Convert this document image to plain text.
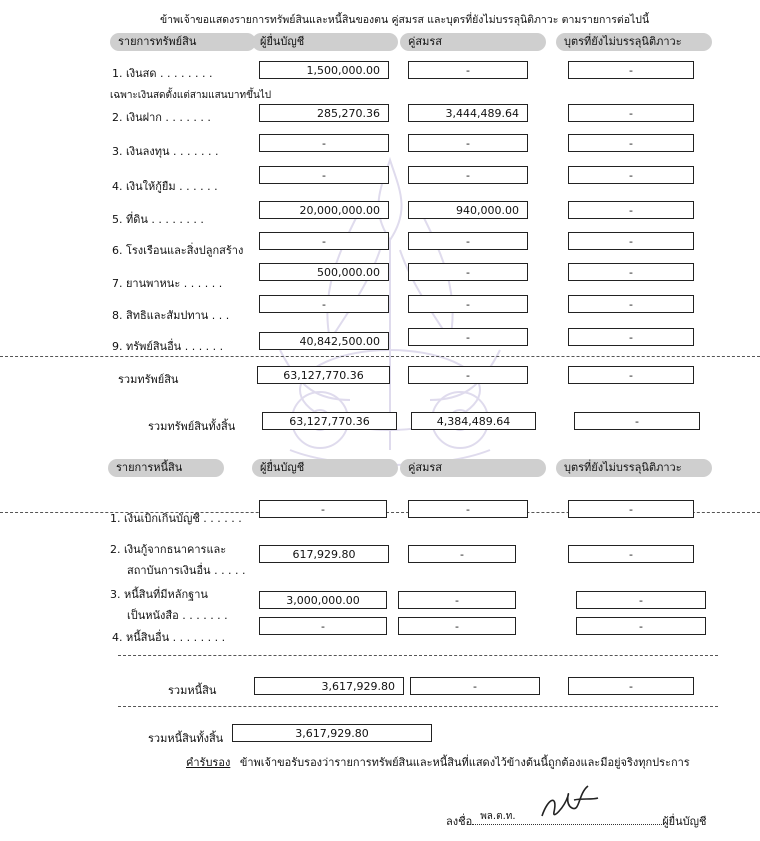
ข้าพเจ้าขอแสดงรายการทรัพย์สินและหนี้สินของตน คู่สมรส และบุตรที่ยังไม่บรรลุนิติภาวะ ตามรายการต่อไปนี้
รายการทรัพย์สิน	ผู้ยื่นบัญชี	คู่สมรส	บุตรที่ยังไม่บรรลุนิติภาวะ
1. เงินสด . . . . . . . .	1,500,000.00	-	-
เฉพาะเงินสดตั้งแต่สามแสนบาทขึ้นไป
2. เงินฝาก . . . . . . .	285,270.36	3,444,489.64	-
3. เงินลงทุน . . . . . . .
-	-	-
4. เงินให้กู้ยืม . . . . . .
-	-	-
5. ที่ดิน . . . . . . . .
20,000,000.00	940,000.00	-
6. โรงเรือนและสิ่งปลูกสร้าง
-	-	-
7. ยานพาหนะ . . . . . .
500,000.00	-	-
8. สิทธิและสัมปทาน . . .
-	-	-
9. ทรัพย์สินอื่น . . . . . .	40,842,500.00	-	-
รวมทรัพย์สิน	63,127,770.36	-	-
รวมทรัพย์สินทั้งสิ้น	63,127,770.36	4,384,489.64	-
รายการหนี้สิน	ผู้ยื่นบัญชี	คู่สมรส	บุตรที่ยังไม่บรรลุนิติภาวะ
1. เงินเบิกเกินบัญชี . . . . . .
-	-	-
2. เงินกู้จากธนาคารและ
สถาบันการเงินอื่น . . . . .
617,929.80	-	-
3. หนี้สินที่มีหลักฐาน
เป็นหนังสือ . . . . . . .
3,000,000.00	-	-
4. หนี้สินอื่น . . . . . . . .
-	-	-
รวมหนี้สิน	3,617,929.80	-	-
รวมหนี้สินทั้งสิ้น	3,617,929.80
คำรับรอง ข้าพเจ้าขอรับรองว่ารายการทรัพย์สินและหนี้สินที่แสดงไว้ข้างต้นนี้ถูกต้องและมีอยู่จริงทุกประการ
ลงชื่อ พล.ต.ท.	ผู้ยื่นบัญชี
